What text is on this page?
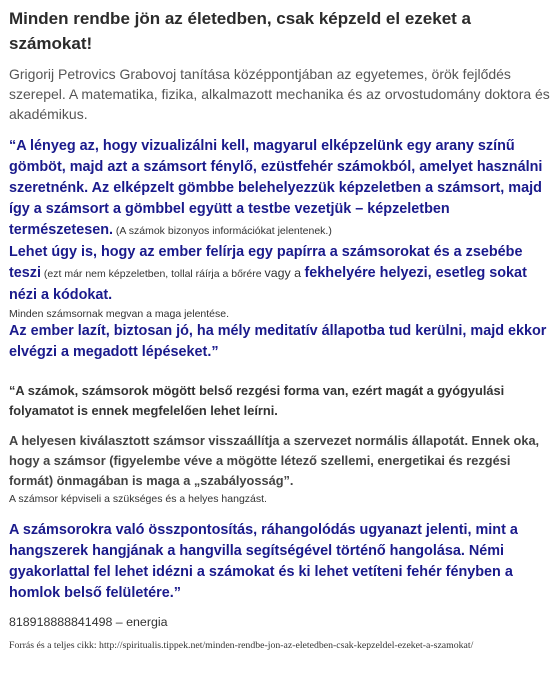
Minden rendbe jön az életedben, csak képzeld el ezeket a számokat!

Grigorij Petrovics Grabovoj tanítása középpontjában az egyetemes, örök fejlődés szerepel. A matematika, fizika, alkalmazott mechanika és az orvostudomány doktora és akadémikus.

“A lényeg az, hogy vizualizálni kell, magyarul elképzelünk egy arany színű gömböt, majd azt a számsort fénylő, ezüstfehér számokból, amelyet használni szeretnénk. Az elképzelt gömbbe belehelyezzük képzeletben a számsort, majd így a számsort a gömbbel együtt a testbe vezetjük – képzeletben természetesen. (A számok bizonyos információkat jelentenek.)

Lehet úgy is, hogy az ember felírja egy papírra a számsorokat és a zsebébe teszi (ezt már nem képzeletben, tollal ráírja a bőrére vagy a fekhelyére helyezi, esetleg sokat nézi a kódokat.

Minden számsornak megvan a maga jelentése.

Az ember lazít, biztosan jó, ha mély meditatív állapotba tud kerülni, majd ekkor elvégzi a megadott lépéseket.”

“A számok, számsorok mögött belső rezgési forma van, ezért magát a gyógyulási folyamatot is ennek megfelelően lehet leírni.

A helyesen kiválasztott számsor visszaállítja a szervezet normális állapotát. Ennek oka, hogy a számsor (figyelembe véve a mögötte létező szellemi, energetikai és rezgési formát) önmagában is maga a „szabályosság”.

A számsor képviseli a szükséges és a helyes hangzást.

A számsorokra való összpontosítás, ráhangolódás ugyanazt jelenti, mint a hangszerek hangjának a hangvilla segítségével történő hangolása. Némi gyakorlattal fel lehet idézni a számokat és ki lehet vetíteni fehér fényben a homlok belső felületére.”

818918888841498 – energia

Forrás és a teljes cikk: http://spiritualis.tippek.net/minden-rendbe-jon-az-eletedben-csak-kepzeldel-ezeket-a-szamokat/
